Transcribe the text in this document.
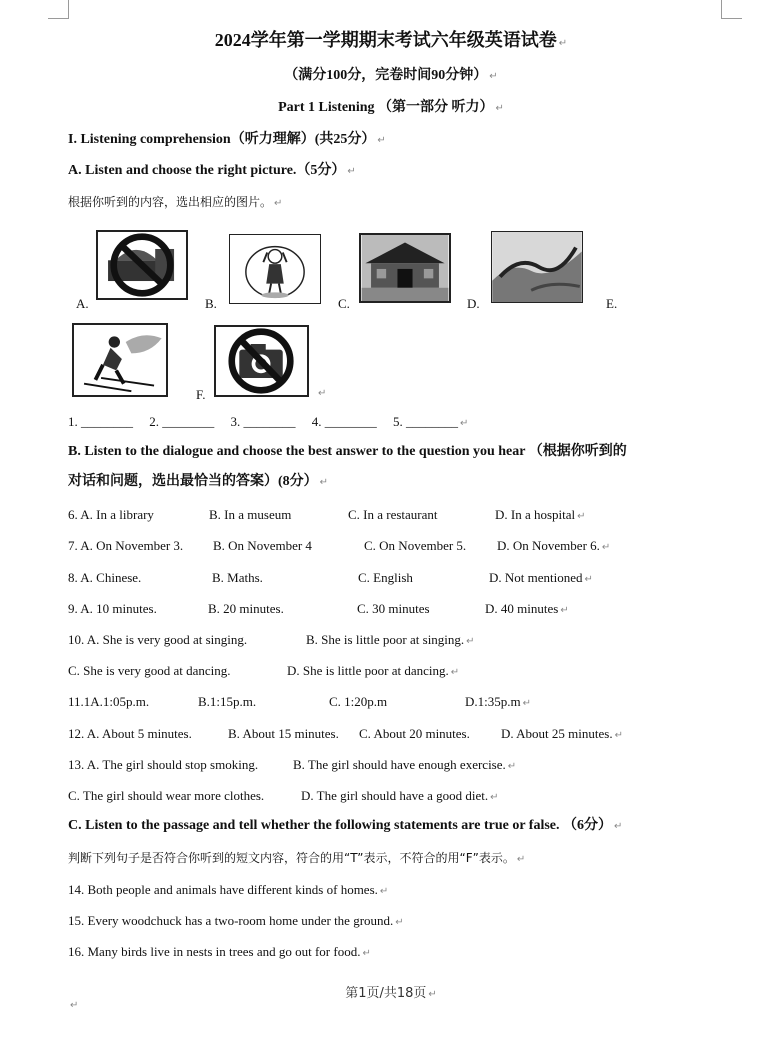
2024学年第一学期期末考试六年级英语试卷 ↵
（满分100分，完卷时间90分钟） ↵
Part 1 Listening （第一部分 听力） ↵
I. Listening comprehension（听力理解）(共25分） ↵
A. Listen and choose the right picture.（5分） ↵
根据你听到的内容，选出相应的图片。 ↵
A.	B.	C.	D.	E.
F.	↵
1. ________     2. ________     3. ________     4. ________     5. ________ ↵
B. Listen to the dialogue and choose the best answer to the question you hear （根据你听到的
对话和问题，选出最恰当的答案）(8分） ↵
6. A. In a library	B. In a museum	C. In a restaurant	D. In a hospital ↵
7. A. On November 3. B. On November 4	C. On November 5. D. On November 6. ↵
8. A. Chinese.	B. Maths.	C. English	D. Not mentioned ↵
9. A. 10 minutes.	B. 20 minutes.	C. 30 minutes	D. 40 minutes ↵
10. A. She is very good at singing.	B. She is little poor at singing. ↵
C. She is very good at dancing.	D. She is little poor at dancing. ↵
11.1A.1:05p.m.	B.1:15p.m.	C. 1:20p.m	D.1:35p.m ↵
12. A. About 5 minutes.	B. About 15 minutes. C. About 20 minutes. D. About 25 minutes. ↵
13. A. The girl should stop smoking.	B. The girl should have enough exercise. ↵
C. The girl should wear more clothes.	D. The girl should have a good diet. ↵
C. Listen to the passage and tell whether the following statements are true or false. （6分） ↵
判断下列句子是否符合你听到的短文内容，符合的用“T”表示，不符合的用“F”表示。 ↵
14. Both people and animals have different kinds of homes. ↵
15. Every woodchuck has a two-room home under the ground. ↵
16. Many birds live in nests in trees and go out for food. ↵
第1页/共18页 ↵
↵
